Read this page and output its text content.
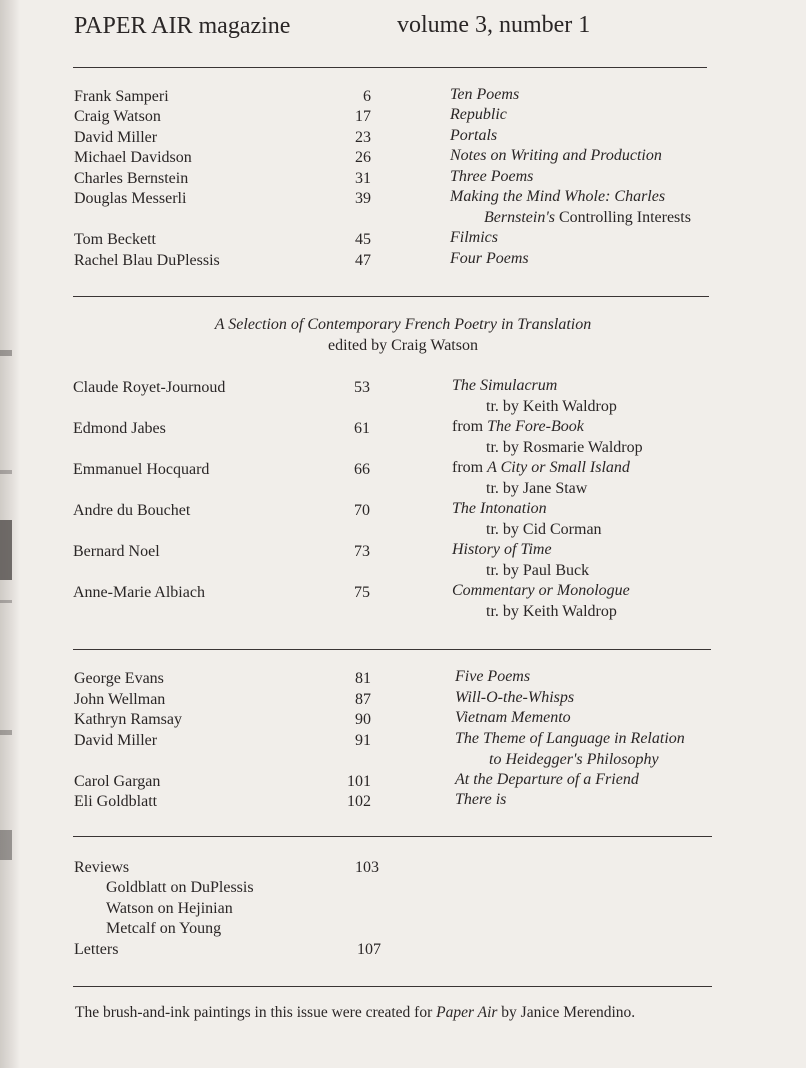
PAPER AIR magazine	volume 3, number 1
Frank Samperi	6	Ten Poems
Craig Watson	17	Republic
David Miller	23	Portals
Michael Davidson	26	Notes on Writing and Production
Charles Bernstein	31	Three Poems
Douglas Messerli	39	Making the Mind Whole: Charles
Bernstein's Controlling Interests
Tom Beckett	45	Filmics
Rachel Blau DuPlessis	47	Four Poems
A Selection of Contemporary French Poetry in Translation
edited by Craig Watson
Claude Royet-Journoud	53	The Simulacrum
tr. by Keith Waldrop
Edmond Jabes	61	from The Fore-Book
tr. by Rosmarie Waldrop
Emmanuel Hocquard	66	from A City or Small Island
tr. by Jane Staw
Andre du Bouchet	70	The Intonation
tr. by Cid Corman
Bernard Noel	73	History of Time
tr. by Paul Buck
Anne-Marie Albiach	75	Commentary or Monologue
tr. by Keith Waldrop
George Evans	81	Five Poems
John Wellman	87	Will-O-the-Whisps
Kathryn Ramsay	90	Vietnam Memento
David Miller	91	The Theme of Language in Relation
to Heidegger's Philosophy
Carol Gargan	101	At the Departure of a Friend
Eli Goldblatt	102	There is
Reviews	103
Goldblatt on DuPlessis
Watson on Hejinian
Metcalf on Young
Letters	107
The brush-and-ink paintings in this issue were created for Paper Air by Janice Merendino.
